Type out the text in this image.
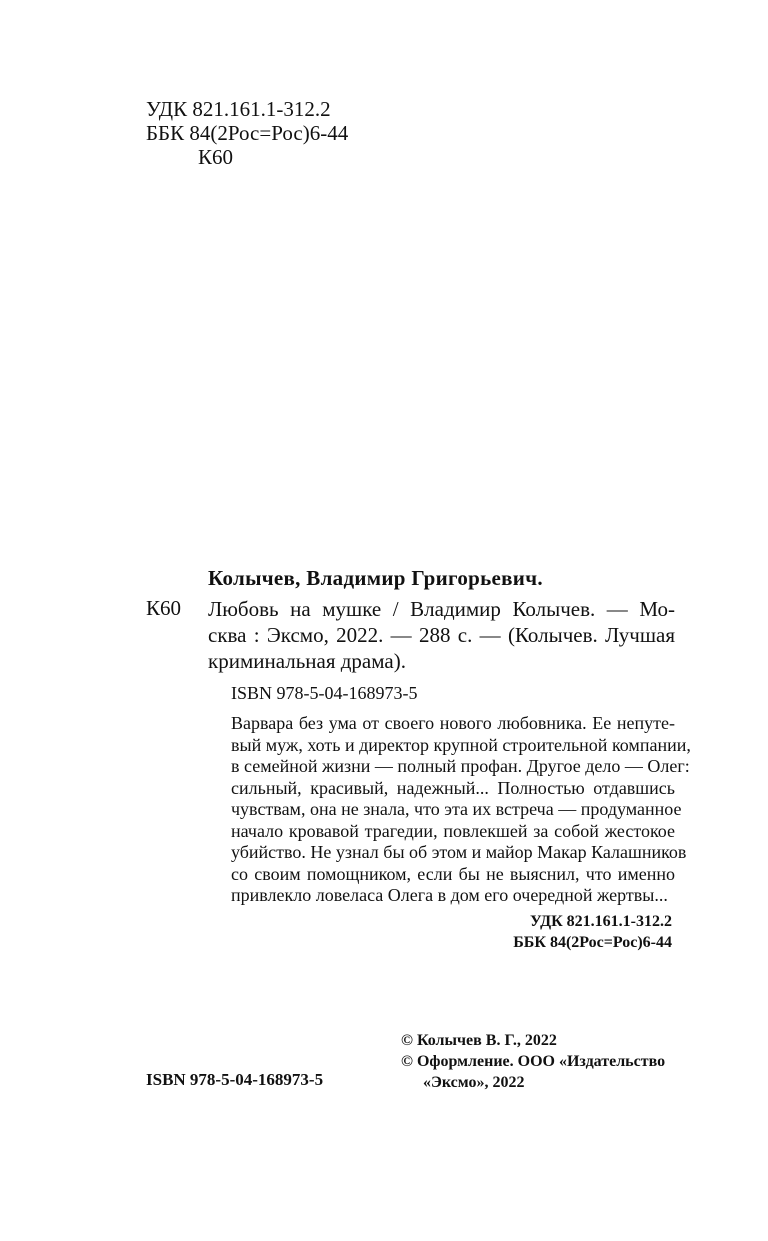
УДК 821.161.1-312.2
ББК 84(2Рос=Рос)6-44
К60
Колычев, Владимир Григорьевич.
К60 Любовь на мушке / Владимир Колычев. — Мо-
сква : Эксмо, 2022. — 288 с. — (Колычев. Лучшая
криминальная драма).
ISBN 978-5-04-168973-5
Варвара без ума от своего нового любовника. Ее непуте-
вый муж, хоть и директор крупной строительной компании,
в семейной жизни — полный профан. Другое дело — Олег:
сильный, красивый, надежный... Полностью отдавшись
чувствам, она не знала, что эта их встреча — продуманное
начало кровавой трагедии, повлекшей за собой жестокое
убийство. Не узнал бы об этом и майор Макар Калашников
со своим помощником, если бы не выяснил, что именно
привлекло ловеласа Олега в дом его очередной жертвы...
УДК 821.161.1-312.2
ББК 84(2Рос=Рос)6-44
© Колычев В. Г., 2022
© Оформление. ООО «Издательство
«Эксмо», 2022
ISBN 978-5-04-168973-5
